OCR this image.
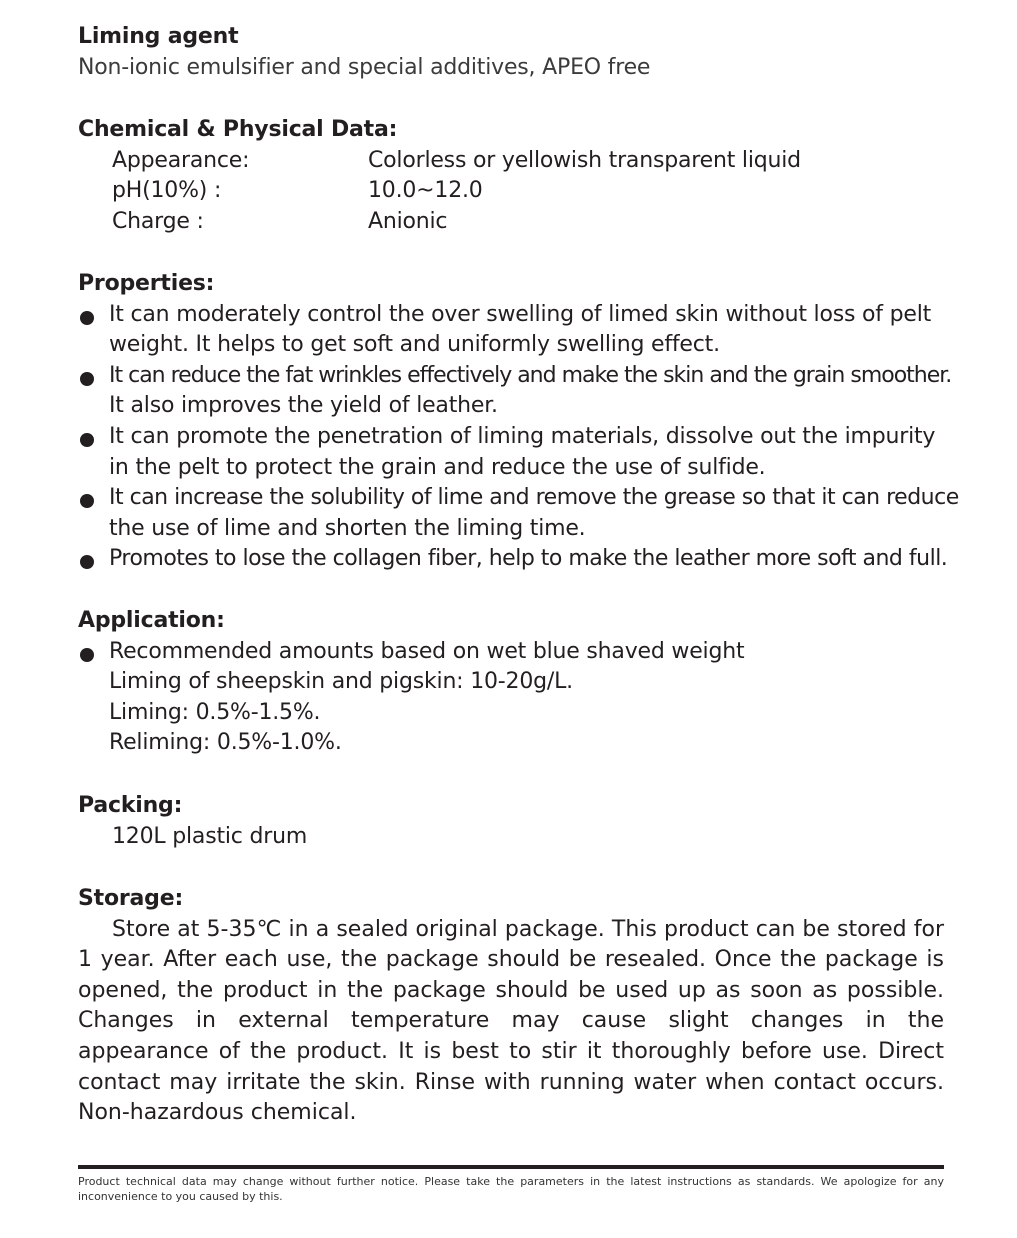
Liming agent
Non-ionic emulsifier and special additives, APEO free
Chemical & Physical Data:
Appearance:	Colorless or yellowish transparent liquid
pH(10%) :	10.0~12.0
Charge :	Anionic
Properties:
It can moderately control the over swelling of limed skin without loss of pelt
weight. It helps to get soft and uniformly swelling effect.
It can reduce the fat wrinkles effectively and make the skin and the grain smoother.
It also improves the yield of leather.
It can promote the penetration of liming materials, dissolve out the impurity
in the pelt to protect the grain and reduce the use of sulfide.
It can increase the solubility of lime and remove the grease so that it can reduce
the use of lime and shorten the liming time.
Promotes to lose the collagen fiber, help to make the leather more soft and full.
Application:
Recommended amounts based on wet blue shaved weight
Liming of sheepskin and pigskin: 10-20g/L.
Liming: 0.5%-1.5%.
Reliming: 0.5%-1.0%.
Packing:
120L plastic drum
Storage:
Store at 5-35℃ in a sealed original package. This product can be stored for 1 year. After each use, the package should be resealed. Once the package is opened, the product in the package should be used up as soon as possible. Changes in external temperature may cause slight changes in the appearance of the product. It is best to stir it thoroughly before use. Direct contact may irritate the skin. Rinse with running water when contact occurs. Non-hazardous chemical.
Product technical data may change without further notice. Please take the parameters in the latest instructions as standards. We apologize for any inconvenience to you caused by this.
